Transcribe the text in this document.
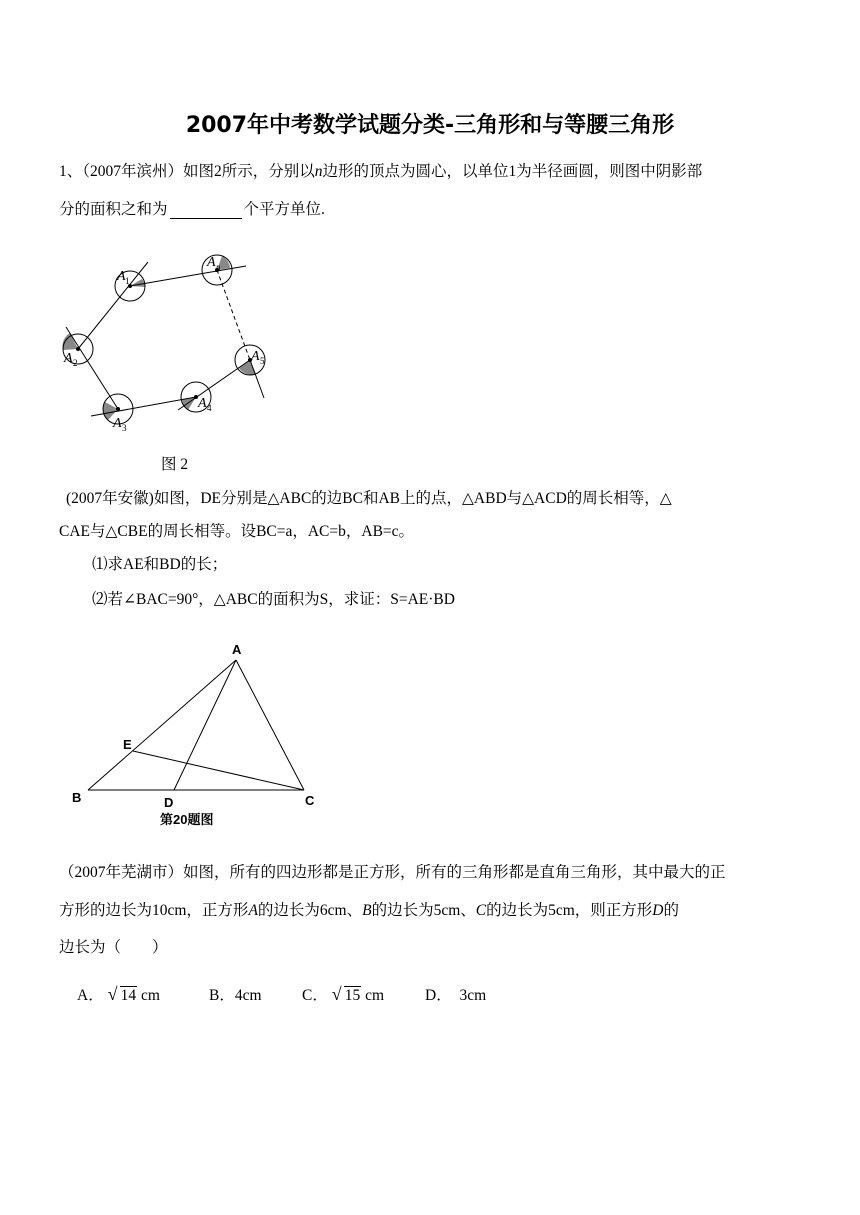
2007年中考数学试题分类-三角形和与等腰三角形
1、（2007年滨州）如图2所示，分别以n边形的顶点为圆心，以单位1为半径画圆，则图中阴影部
分的面积之和为	个平方单位.
A 1
A n
A 2
A 3
A 4
A 5
图 2
(2007年安徽)如图，DE分别是△ABC的边BC和AB上的点，△ABD与△ACD的周长相等，△
CAE与△CBE的周长相等。设BC=a，AC=b，AB=c。
⑴求AE和BD的长；
⑵若∠BAC=90°，△ABC的面积为S，求证：S=AE·BD
A
B	C
D
E
第20题图
（2007年芜湖市）如图，所有的四边形都是正方形，所有的三角形都是直角三角形，其中最大的正
方形的边长为10cm，正方形A的边长为6cm、B的边长为5cm、C的边长为5cm，则正方形D的
边长为（　　）
A． √ 14 cm	B．4cm	C． √ 15 cm	D．　3cm
